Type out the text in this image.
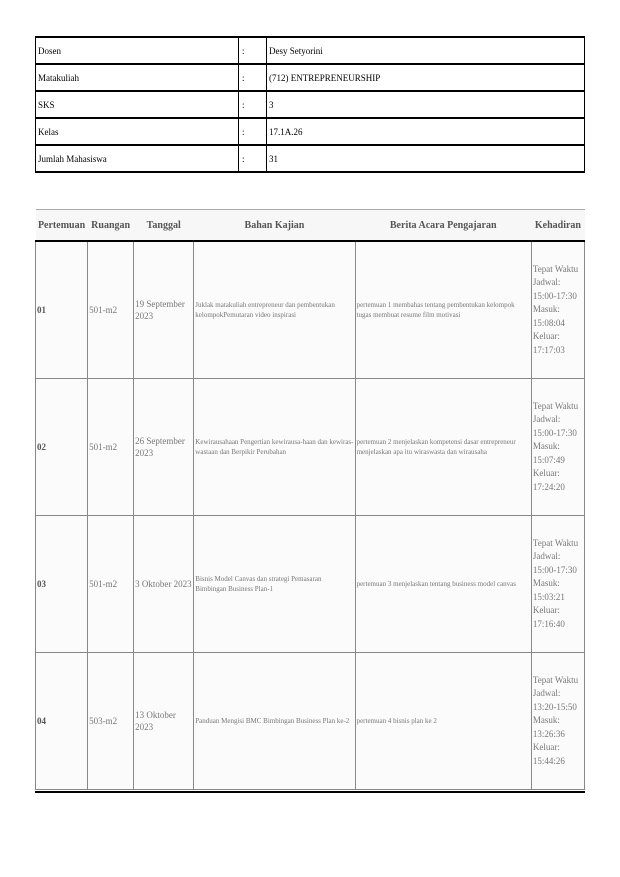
Dosen	:	Desy Setyorini
Matakuliah	:	(712) ENTREPRENEURSHIP
SKS	:	3
Kelas	:	17.1A.26
Jumlah Mahasiswa	:	31
Pertemuan	Ruangan	Tanggal	Bahan Kajian	Berita Acara Pengajaran	Kehadiran
01	501-m2	19 September 2023	Juklak matakuliah entrepreneur dan pembentukan kelompokPemutaran video inspirasi	pertemuan 1 membahas tentang pembentukan kelompok tugas membuat resume film motivasi	Tepat Waktu Jadwal: 15:00-17:30 Masuk: 15:08:04 Keluar: 17:17:03
02	501-m2	26 September 2023	Kewirausahaan Pengertian kewirausa-haan dan kewiras-wastaan dan Berpikir Perubahan	pertemuan 2 menjelaskan kompetensi dasar entrepreneur menjelaskan apa itu wiraswasta dan wirausaha	Tepat Waktu Jadwal: 15:00-17:30 Masuk: 15:07:49 Keluar: 17:24:20
03	501-m2	3 Oktober 2023	Bisnis Model Canvas dan strategi Pemasaran Bimbingan Business Plan-1	pertemuan 3 menjelaskan tentang business model canvas	Tepat Waktu Jadwal: 15:00-17:30 Masuk: 15:03:21 Keluar: 17:16:40
04	503-m2	13 Oktober 2023	Panduan Mengisi BMC Bimbingan Business Plan ke-2	pertemuan 4 bisnis plan ke 2	Tepat Waktu Jadwal: 13:20-15:50 Masuk: 13:26:36 Keluar: 15:44:26
